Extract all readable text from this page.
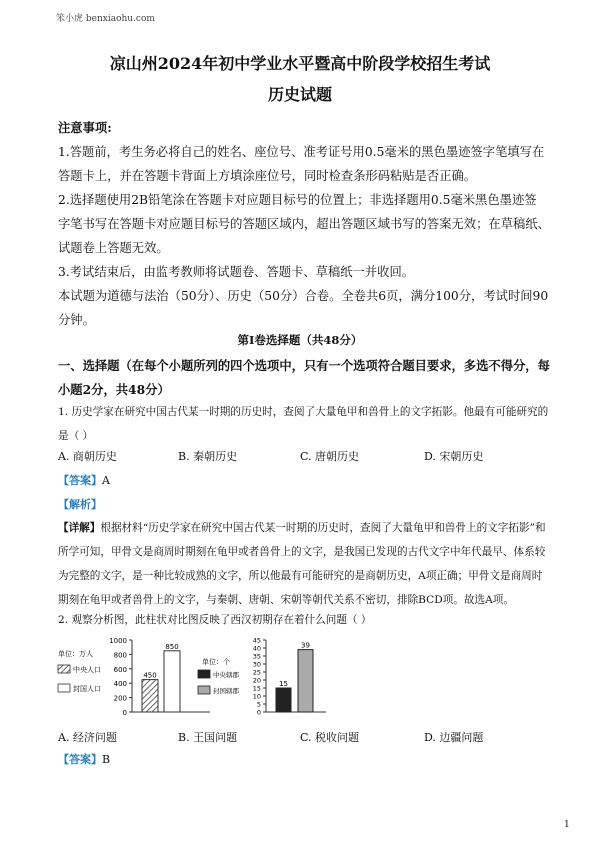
笨小虎 benxiaohu.com
凉山州2024年初中学业水平暨高中阶段学校招生考试
历史试题
注意事项:
1.答题前，考生务必将自己的姓名、座位号、准考证号用0.5毫米的黑色墨迹签字笔填写在
答题卡上，并在答题卡背面上方填涂座位号，同时检查条形码粘贴是否正确。
2.选择题使用2B铅笔涂在答题卡对应题目标号的位置上；非选择题用0.5毫米黑色墨迹签
字笔书写在答题卡对应题目标号的答题区域内，超出答题区域书写的答案无效；在草稿纸、
试题卷上答题无效。
3.考试结束后，由监考教师将试题卷、答题卡、草稿纸一并收回。
本试题为道德与法治（50分）、历史（50分）合卷。全卷共6页，满分100分，考试时间90
分钟。
第Ⅰ卷选择题（共48分）
一、选择题（在每个小题所列的四个选项中，只有一个选项符合题目要求，多选不得分，每
小题2分，共48分）
1. 历史学家在研究中国古代某一时期的历史时，查阅了大量龟甲和兽骨上的文字拓影。他最有可能研究的
是（ ）
A. 商朝历史	B. 秦朝历史	C. 唐朝历史	D. 宋朝历史
【答案】A
【解析】
【详解】根据材料“历史学家在研究中国古代某一时期的历史时，查阅了大量龟甲和兽骨上的文字拓影”和
所学可知，甲骨文是商周时期刻在龟甲或者兽骨上的文字，是我国已发现的古代文字中年代最早、体系较
为完整的文字，是一种比较成熟的文字，所以他最有可能研究的是商朝历史，A项正确；甲骨文是商周时
期刻在龟甲或者兽骨上的文字，与秦朝、唐朝、宋朝等朝代关系不密切，排除BCD项。故选A项。
2. 观察分析图，此柱状对比图反映了西汉初期存在着什么问题（ ）
1000
800
600
400
200
0
单位：万人
中央人口
封国人口
450
850
45
40
35
30
25
20
15
10
5
0
单位：个
中央辖郡
封国辖郡
15
39
A. 经济问题	B. 王国问题	C. 税收问题	D. 边疆问题
【答案】B
1
